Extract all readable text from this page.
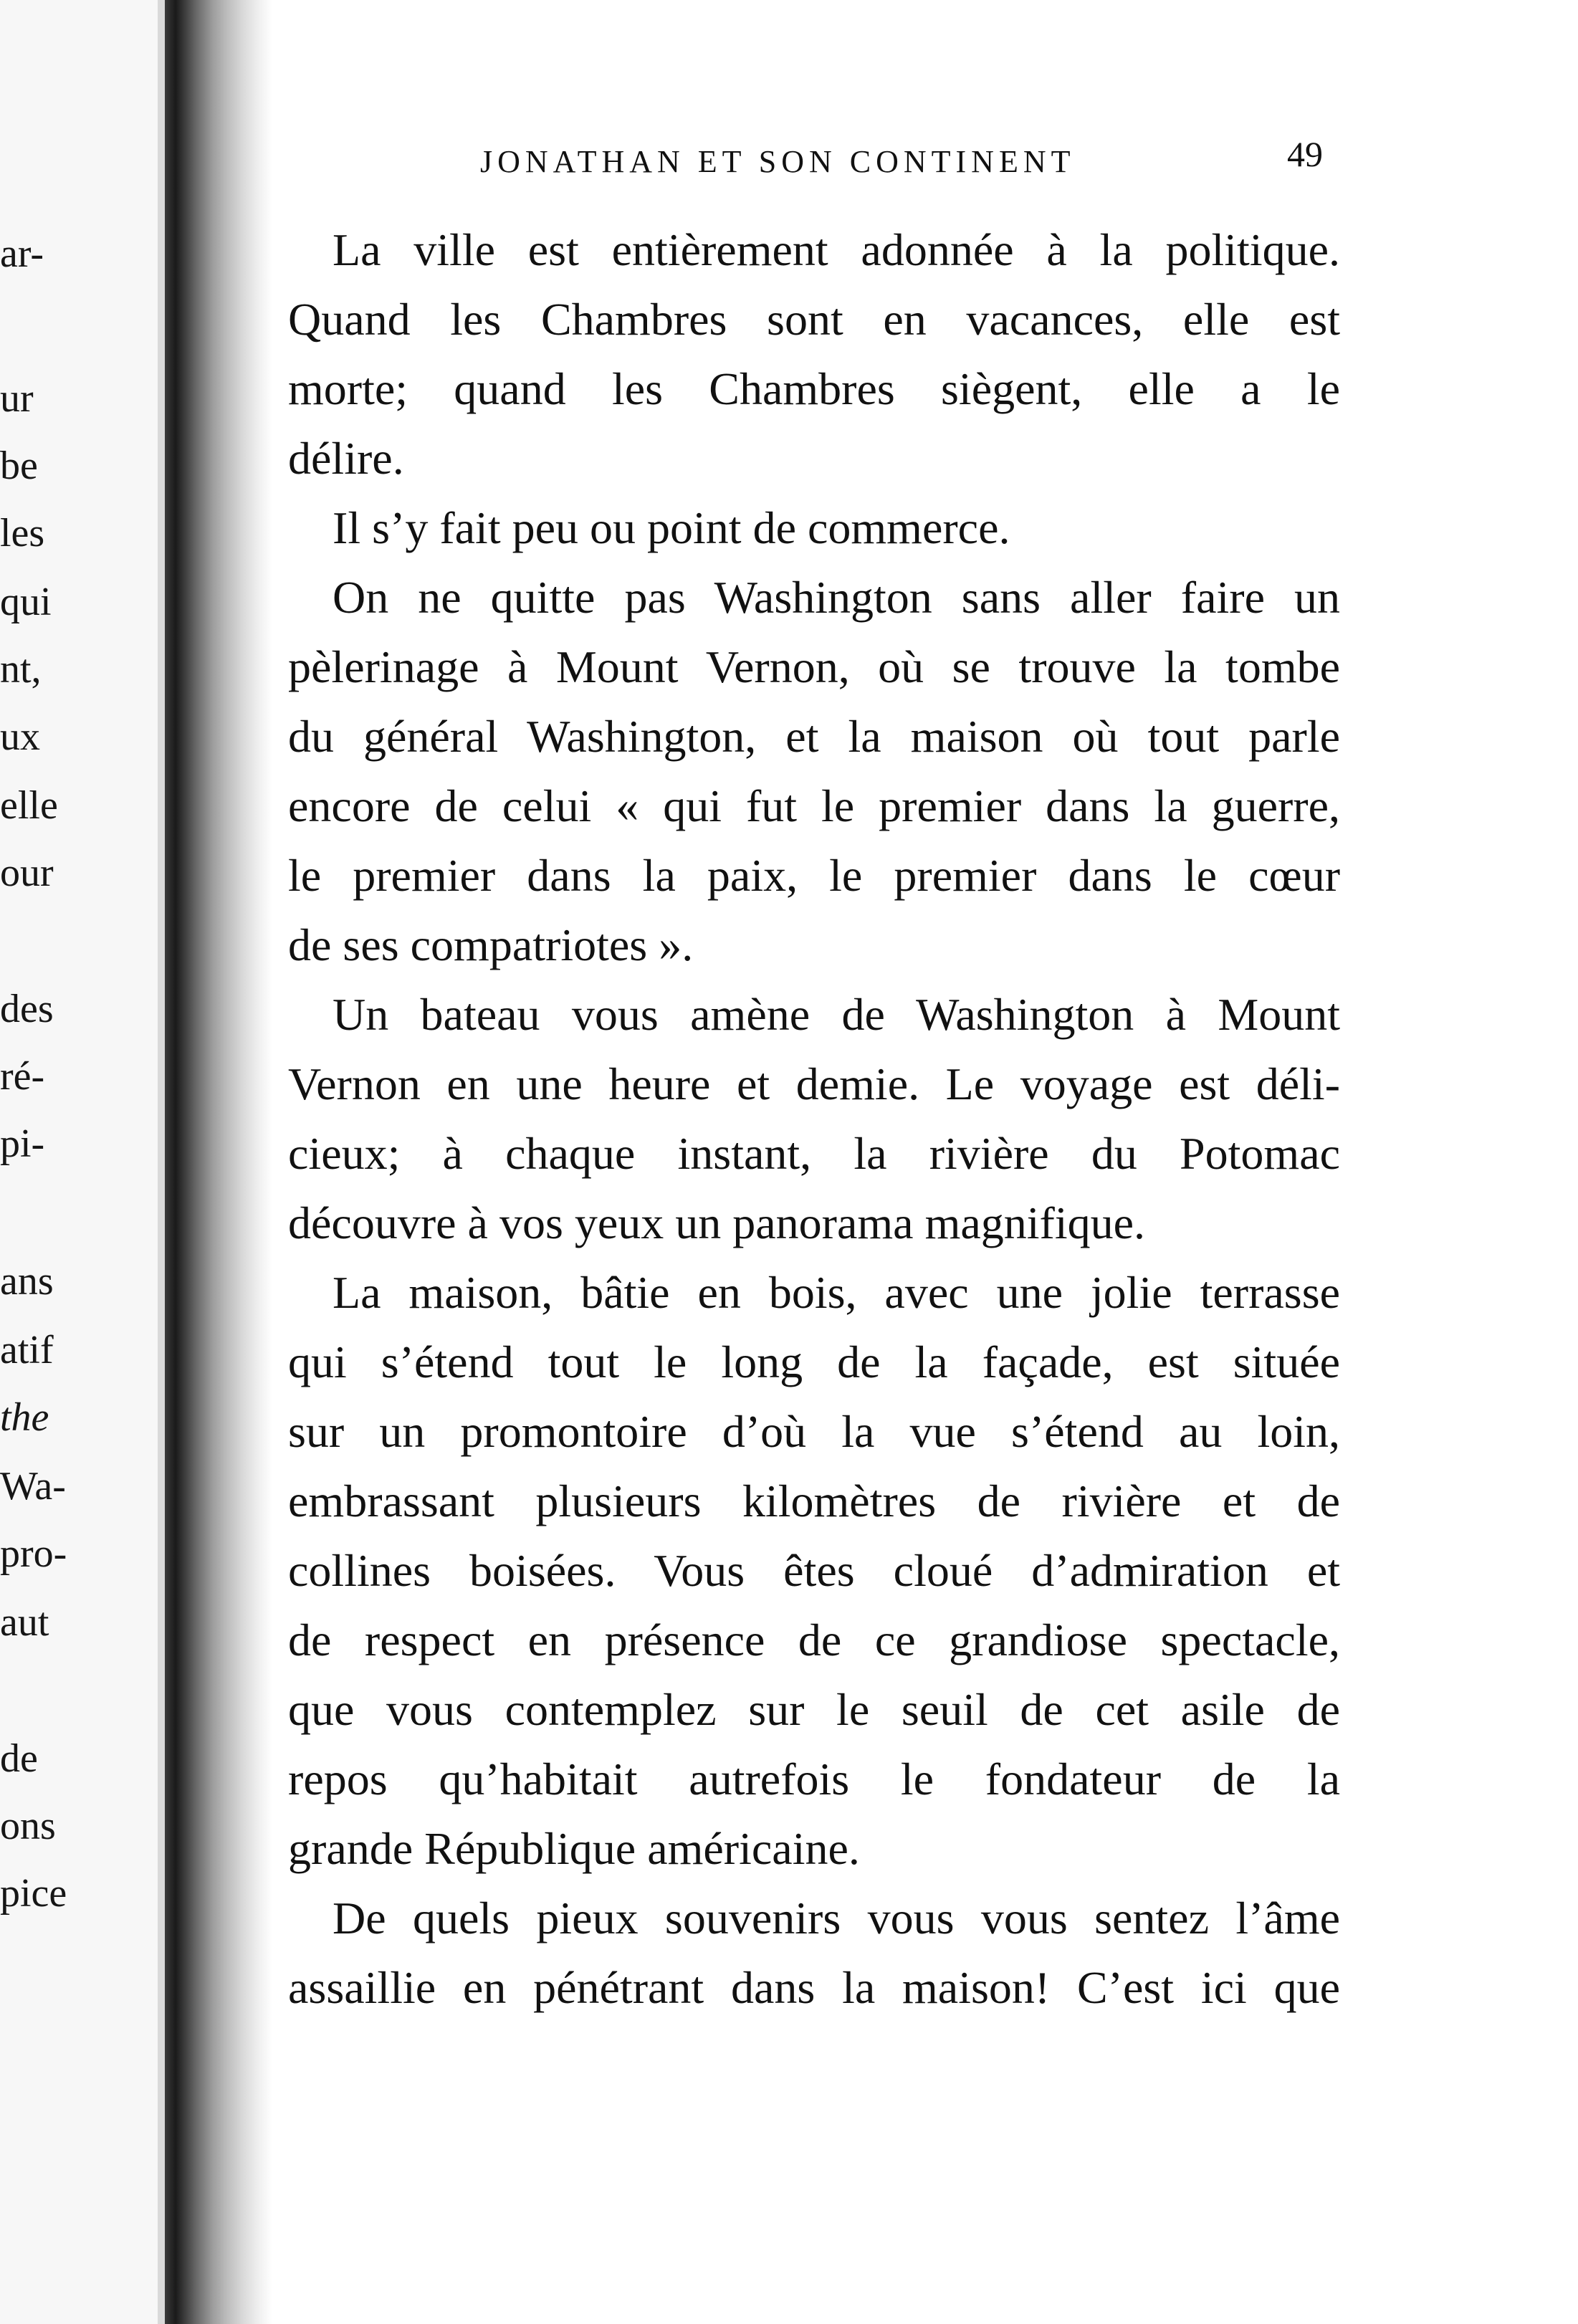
ar-
ur
be
les
qui
nt,
ux
elle
our
des
ré-
pi-
ans
atif
the
Wa-
pro-
aut
de
ons
pice
JONATHAN ET SON CONTINENT	49
La ville est entièrement adonnée à la politique.
Quand les Chambres sont en vacances, elle est
morte; quand les Chambres siègent, elle a le
délire.
Il s’y fait peu ou point de commerce.
On ne quitte pas Washington sans aller faire un
pèlerinage à Mount Vernon, où se trouve la tombe
du général Washington, et la maison où tout parle
encore de celui « qui fut le premier dans la guerre,
le premier dans la paix, le premier dans le cœur
de ses compatriotes ».
Un bateau vous amène de Washington à Mount
Vernon en une heure et demie. Le voyage est déli-
cieux; à chaque instant, la rivière du Potomac
découvre à vos yeux un panorama magnifique.
La maison, bâtie en bois, avec une jolie terrasse
qui s’étend tout le long de la façade, est située
sur un promontoire d’où la vue s’étend au loin,
embrassant plusieurs kilomètres de rivière et de
collines boisées. Vous êtes cloué d’admiration et
de respect en présence de ce grandiose spectacle,
que vous contemplez sur le seuil de cet asile de
repos qu’habitait autrefois le fondateur de la
grande République américaine.
De quels pieux souvenirs vous vous sentez l’âme
assaillie en pénétrant dans la maison! C’est ici que
